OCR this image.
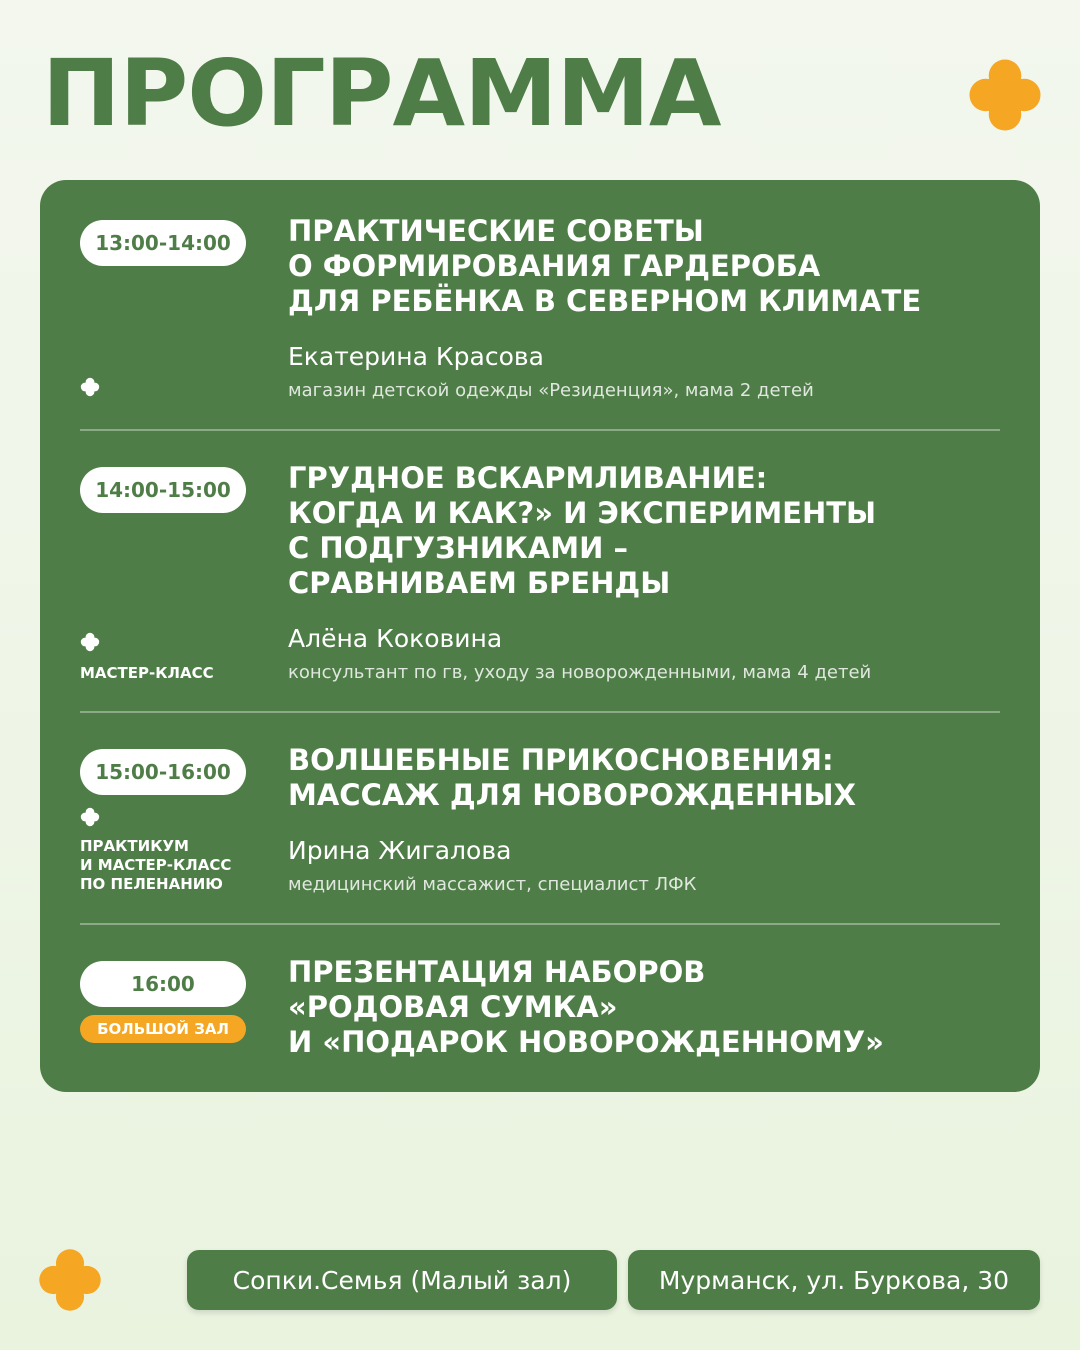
ПРОГРАММА
13:00-14:00	ПРАКТИЧЕСКИЕ СОВЕТЫ
О ФОРМИРОВАНИЯ ГАРДЕРОБА
ДЛЯ РЕБЁНКА В СЕВЕРНОМ КЛИМАТЕ
Екатерина Красова
магазин детской одежды «Резиденция», мама 2 детей
14:00-15:00
МАСТЕР-КЛАСС
ГРУДНОЕ ВСКАРМЛИВАНИЕ:
КОГДА И КАК?» И ЭКСПЕРИМЕНТЫ
С ПОДГУЗНИКАМИ –
СРАВНИВАЕМ БРЕНДЫ
Алёна Коковина
консультант по гв, уходу за новорожденными, мама 4 детей
15:00-16:00
ПРАКТИКУМ
И МАСТЕР-КЛАСС
ПО ПЕЛЕНАНИЮ
ВОЛШЕБНЫЕ ПРИКОСНОВЕНИЯ:
МАССАЖ ДЛЯ НОВОРОЖДЕННЫХ
Ирина Жигалова
медицинский массажист, специалист ЛФК
16:00
БОЛЬШОЙ ЗАЛ
ПРЕЗЕНТАЦИЯ НАБОРОВ
«РОДОВАЯ СУМКА»
И «ПОДАРОК НОВОРОЖДЕННОМУ»
Сопки.Семья (Малый зал)	Мурманск, ул. Буркова, 30
